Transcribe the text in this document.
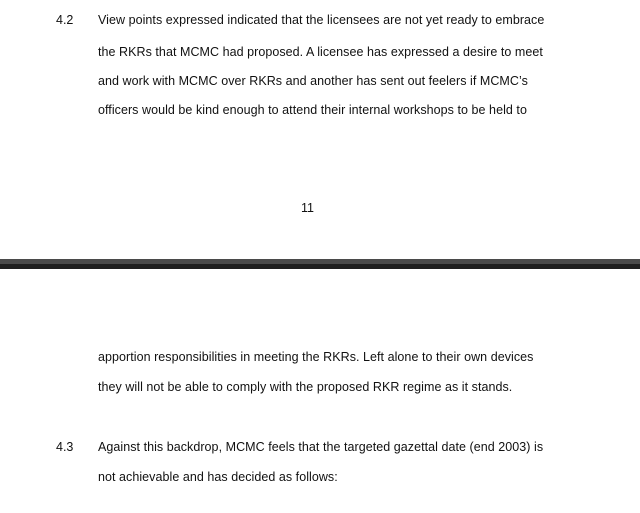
4.2 View points expressed indicated that the licensees are not yet ready to embrace
the RKRs that MCMC had proposed. A licensee has expressed a desire to meet
and work with MCMC over RKRs and another has sent out feelers if MCMC’s
officers would be kind enough to attend their internal workshops to be held to
11
apportion responsibilities in meeting the RKRs. Left alone to their own devices
they will not be able to comply with the proposed RKR regime as it stands.
4.3 Against this backdrop, MCMC feels that the targeted gazettal date (end 2003) is
not achievable and has decided as follows:
